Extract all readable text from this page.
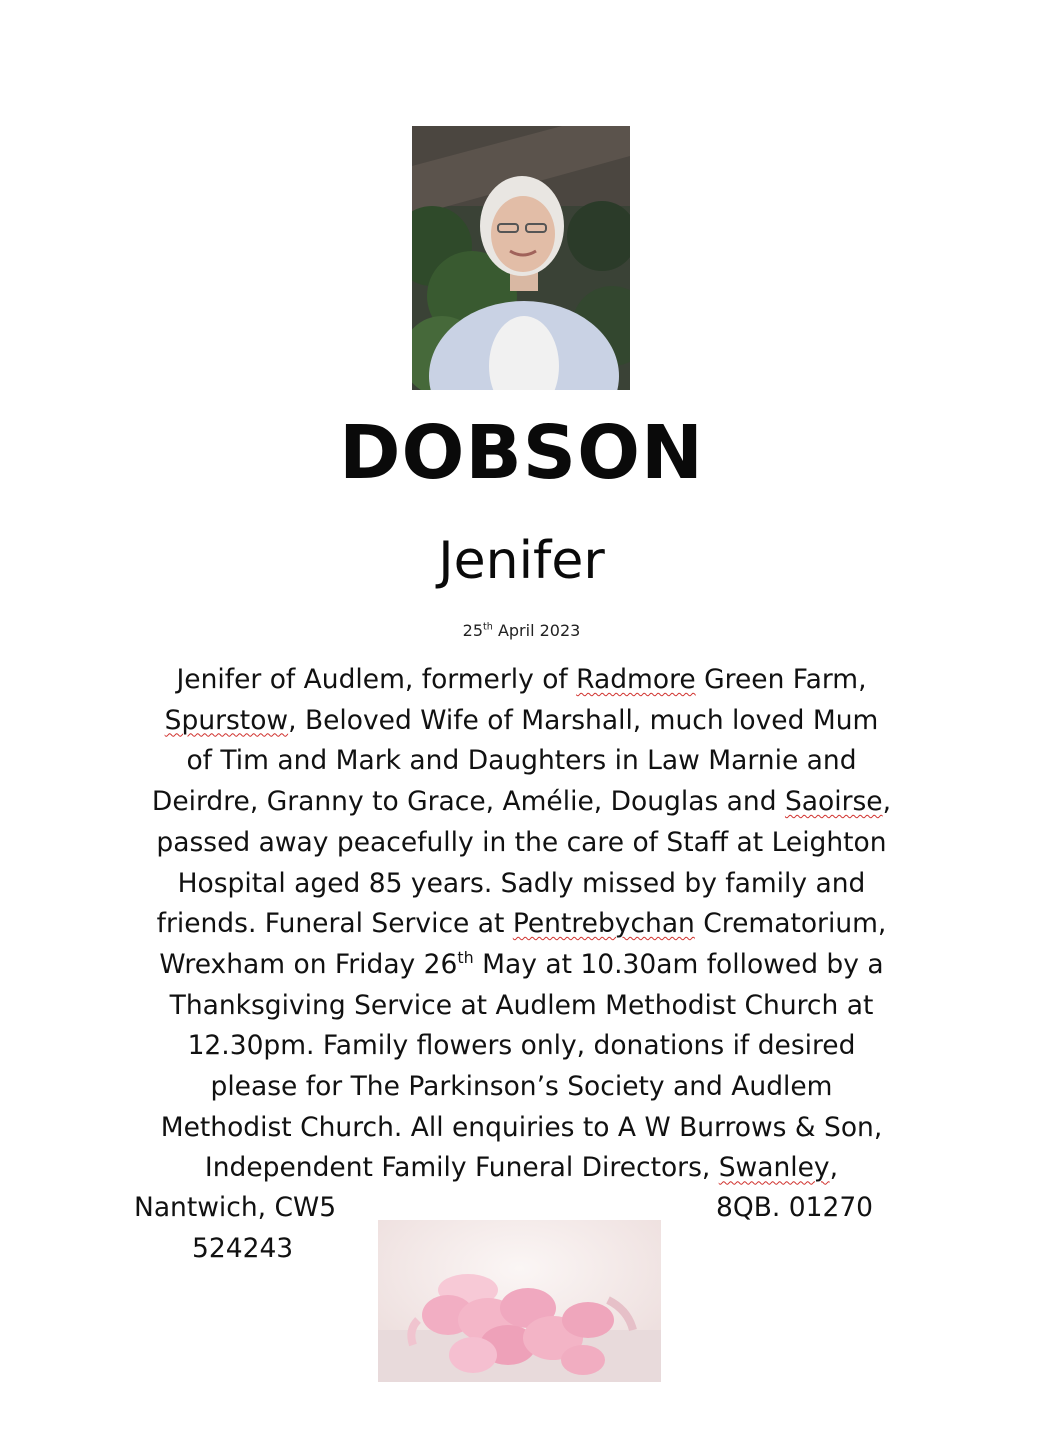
DOBSON
Jenifer
25th April 2023
Jenifer of Audlem, formerly of Radmore Green Farm,
Spurstow, Beloved Wife of Marshall, much loved Mum
of Tim and Mark and Daughters in Law Marnie and
Deirdre, Granny to Grace, Amélie, Douglas and Saoirse,
passed away peacefully in the care of Staff at Leighton
Hospital aged 85 years. Sadly missed by family and
friends. Funeral Service at Pentrebychan Crematorium,
Wrexham on Friday 26th May at 10.30am followed by a
Thanksgiving Service at Audlem Methodist Church at
12.30pm. Family flowers only, donations if desired
please for The Parkinson’s Society and Audlem
Methodist Church. All enquiries to A W Burrows & Son,
Independent Family Funeral Directors, Swanley,
Nantwich, CW5	8QB. 01270
524243
